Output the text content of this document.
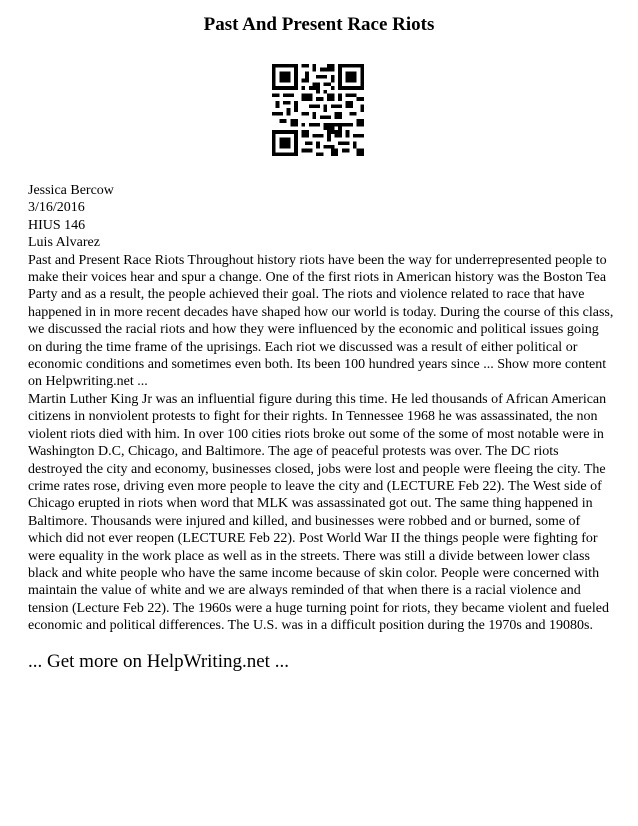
Past And Present Race Riots
Jessica Bercow
3/16/2016
HIUS 146
Luis Alvarez

Past and Present Race Riots Throughout history riots have been the way for underrepresented people to make their voices hear and spur a change. One of the first riots in American history was the Boston Tea Party and as a result, the people achieved their goal. The riots and violence related to race that have happened in in more recent decades have shaped how our world is today. During the course of this class, we discussed the racial riots and how they were influenced by the economic and political issues going on during the time frame of the uprisings. Each riot we discussed was a result of either political or economic conditions and sometimes even both. Its been 100 hundred years since ... Show more content on Helpwriting.net ...

Martin Luther King Jr was an influential figure during this time. He led thousands of African American citizens in nonviolent protests to fight for their rights. In Tennessee 1968 he was assassinated, the non violent riots died with him. In over 100 cities riots broke out some of the some of most notable were in Washington D.C, Chicago, and Baltimore. The age of peaceful protests was over. The DC riots destroyed the city and economy, businesses closed, jobs were lost and people were fleeing the city. The crime rates rose, driving even more people to leave the city and (LECTURE Feb 22). The West side of Chicago erupted in riots when word that MLK was assassinated got out. The same thing happened in Baltimore. Thousands were injured and killed, and businesses were robbed and or burned, some of which did not ever reopen (LECTURE Feb 22). Post World War II the things people were fighting for were equality in the work place as well as in the streets. There was still a divide between lower class black and white people who have the same income because of skin color. People were concerned with maintain the value of white and we are always reminded of that when there is a racial violence and tension (Lecture Feb 22). The 1960s were a huge turning point for riots, they became violent and fueled economic and political differences. The U.S. was in a difficult position during the 1970s and 19080s.

... Get more on HelpWriting.net ...
